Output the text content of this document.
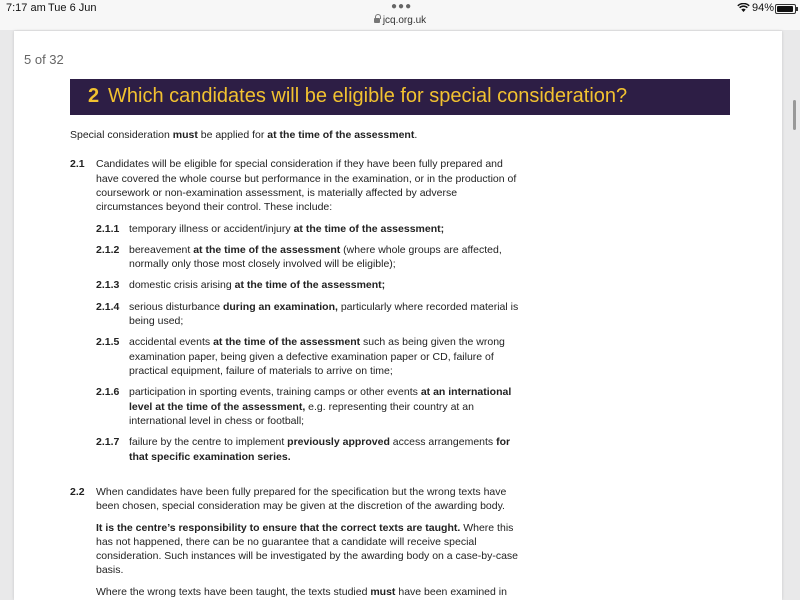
7:17 am Tue 6 Jun	●●●
jcq.org.uk
94%
5 of 32
2 Which candidates will be eligible for special consideration?
Special consideration must be applied for at the time of the assessment.
2.1 Candidates will be eligible for special consideration if they have been fully prepared and
have covered the whole course but performance in the examination, or in the production of
coursework or non-examination assessment, is materially affected by adverse
circumstances beyond their control. These include:
2.1.1 temporary illness or accident/injury at the time of the assessment;
2.1.2 bereavement at the time of the assessment (where whole groups are affected,
normally only those most closely involved will be eligible);
2.1.3 domestic crisis arising at the time of the assessment;
2.1.4 serious disturbance during an examination, particularly where recorded material is
being used;
2.1.5 accidental events at the time of the assessment such as being given the wrong
examination paper, being given a defective examination paper or CD, failure of
practical equipment, failure of materials to arrive on time;
2.1.6 participation in sporting events, training camps or other events at an international
level at the time of the assessment, e.g. representing their country at an
international level in chess or football;
2.1.7 failure by the centre to implement previously approved access arrangements for
that specific examination series.
2.2 When candidates have been fully prepared for the specification but the wrong texts have
been chosen, special consideration may be given at the discretion of the awarding body.
It is the centre’s responsibility to ensure that the correct texts are taught. Where this
has not happened, there can be no guarantee that a candidate will receive special
consideration. Such instances will be investigated by the awarding body on a case-by-case
basis.
Where the wrong texts have been taught, the texts studied must have been examined in
